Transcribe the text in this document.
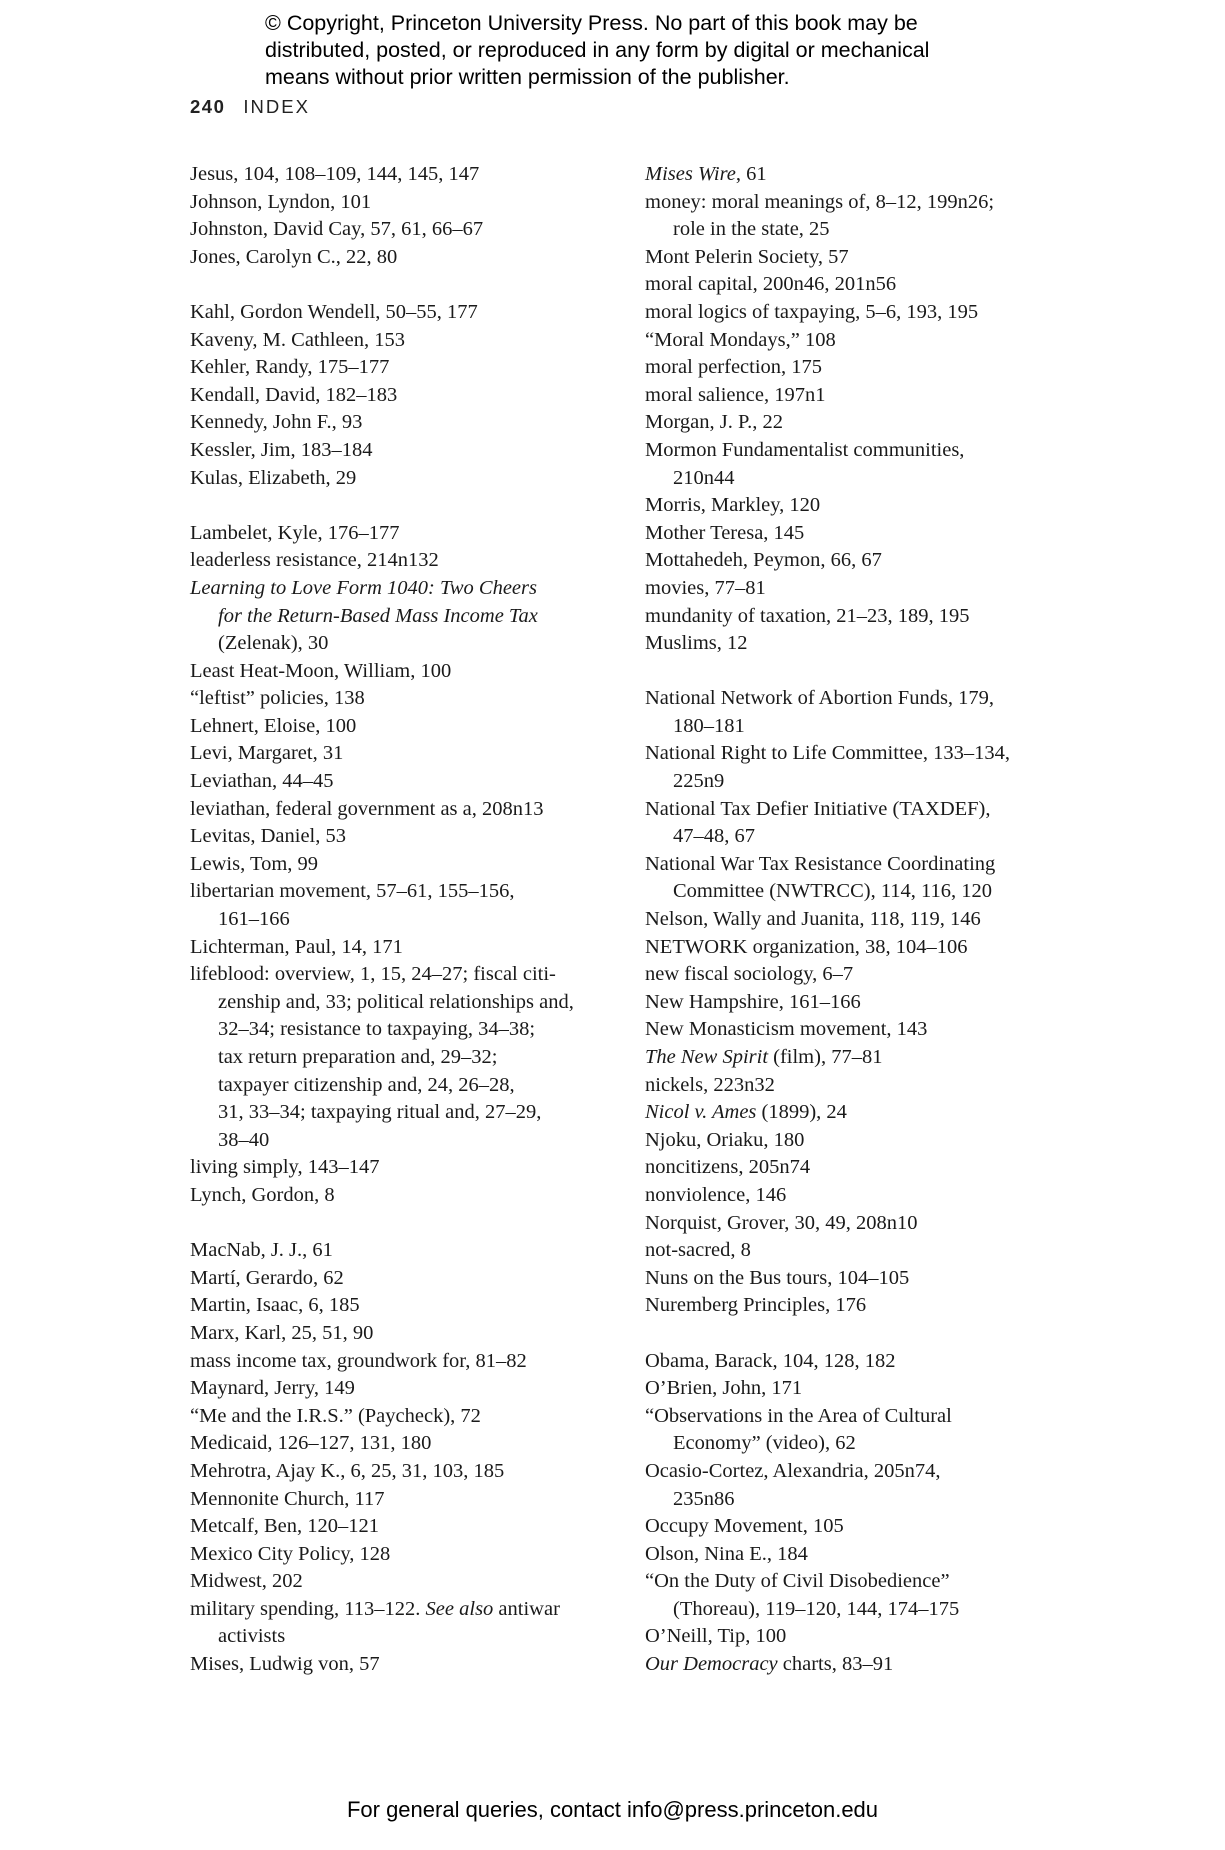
© Copyright, Princeton University Press. No part of this book may be
distributed, posted, or reproduced in any form by digital or mechanical
means without prior written permission of the publisher.
240 INDEX
Jesus, 104, 108–109, 144, 145, 147
Johnson, Lyndon, 101
Johnston, David Cay, 57, 61, 66–67
Jones, Carolyn C., 22, 80
Kahl, Gordon Wendell, 50–55, 177
Kaveny, M. Cathleen, 153
Kehler, Randy, 175–177
Kendall, David, 182–183
Kennedy, John F., 93
Kessler, Jim, 183–184
Kulas, Elizabeth, 29
Lambelet, Kyle, 176–177
leaderless resistance, 214n132
Learning to Love Form 1040: Two Cheers
for the Return-Based Mass Income Tax
(Zelenak), 30
Least Heat-Moon, William, 100
“leftist” policies, 138
Lehnert, Eloise, 100
Levi, Margaret, 31
Leviathan, 44–45
leviathan, federal government as a, 208n13
Levitas, Daniel, 53
Lewis, Tom, 99
libertarian movement, 57–61, 155–156,
161–166
Lichterman, Paul, 14, 171
lifeblood: overview, 1, 15, 24–27; fiscal citi-
zenship and, 33; political relationships and,
32–34; resistance to taxpaying, 34–38;
tax return preparation and, 29–32;
taxpayer citizenship and, 24, 26–28,
31, 33–34; taxpaying ritual and, 27–29,
38–40
living simply, 143–147
Lynch, Gordon, 8
MacNab, J. J., 61
Martí, Gerardo, 62
Martin, Isaac, 6, 185
Marx, Karl, 25, 51, 90
mass income tax, groundwork for, 81–82
Maynard, Jerry, 149
“Me and the I.R.S.” (Paycheck), 72
Medicaid, 126–127, 131, 180
Mehrotra, Ajay K., 6, 25, 31, 103, 185
Mennonite Church, 117
Metcalf, Ben, 120–121
Mexico City Policy, 128
Midwest, 202
military spending, 113–122. See also antiwar
activists
Mises, Ludwig von, 57
Mises Wire, 61
money: moral meanings of, 8–12, 199n26;
role in the state, 25
Mont Pelerin Society, 57
moral capital, 200n46, 201n56
moral logics of taxpaying, 5–6, 193, 195
“Moral Mondays,” 108
moral perfection, 175
moral salience, 197n1
Morgan, J. P., 22
Mormon Fundamentalist communities,
210n44
Morris, Markley, 120
Mother Teresa, 145
Mottahedeh, Peymon, 66, 67
movies, 77–81
mundanity of taxation, 21–23, 189, 195
Muslims, 12
National Network of Abortion Funds, 179,
180–181
National Right to Life Committee, 133–134,
225n9
National Tax Defier Initiative (TAXDEF),
47–48, 67
National War Tax Resistance Coordinating
Committee (NWTRCC), 114, 116, 120
Nelson, Wally and Juanita, 118, 119, 146
NETWORK organization, 38, 104–106
new fiscal sociology, 6–7
New Hampshire, 161–166
New Monasticism movement, 143
The New Spirit (film), 77–81
nickels, 223n32
Nicol v. Ames (1899), 24
Njoku, Oriaku, 180
noncitizens, 205n74
nonviolence, 146
Norquist, Grover, 30, 49, 208n10
not-sacred, 8
Nuns on the Bus tours, 104–105
Nuremberg Principles, 176
Obama, Barack, 104, 128, 182
O’Brien, John, 171
“Observations in the Area of Cultural
Economy” (video), 62
Ocasio-Cortez, Alexandria, 205n74,
235n86
Occupy Movement, 105
Olson, Nina E., 184
“On the Duty of Civil Disobedience”
(Thoreau), 119–120, 144, 174–175
O’Neill, Tip, 100
Our Democracy charts, 83–91
For general queries, contact info@press.princeton.edu
